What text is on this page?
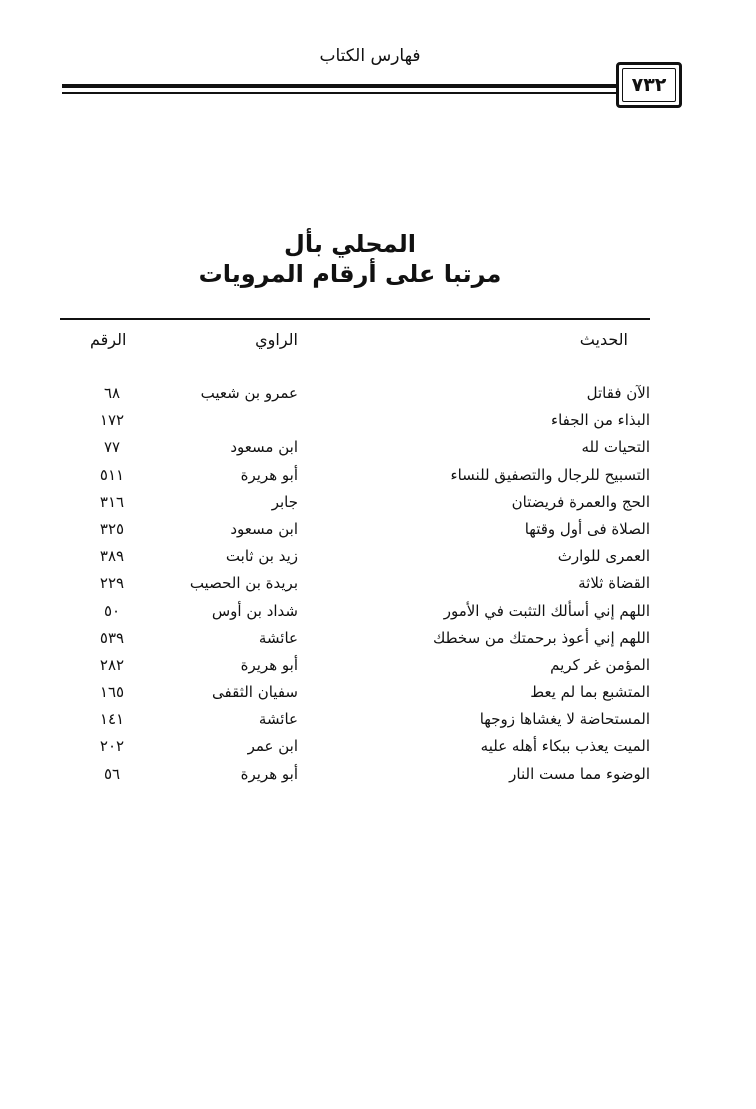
فهارس الكتاب
٧٣٢
المحلي بأل
مرتبا على أرقام المرويات
الحديث
الراوي
الرقم
الآن فقاتل
عمرو بن شعيب
٦٨
البذاء من الجفاء
١٧٢
التحيات لله
ابن مسعود
٧٧
التسبيح للرجال والتصفيق للنساء
أبو هريرة
٥١١
الحج والعمرة فريضتان
جابر
٣١٦
الصلاة فى أول وقتها
ابن مسعود
٣٢٥
العمرى للوارث
زيد بن ثابت
٣٨٩
القضاة ثلاثة
بريدة بن الحصيب
٢٢٩
اللهم إني أسألك التثبت في الأمور
شداد بن أوس
٥٠
اللهم إني أعوذ برحمتك من سخطك
عائشة
٥٣٩
المؤمن غر كريم
أبو هريرة
٢٨٢
المتشبع بما لم يعط
سفيان الثقفى
١٦٥
المستحاضة لا يغشاها زوجها
عائشة
١٤١
الميت يعذب ببكاء أهله عليه
ابن عمر
٢٠٢
الوضوء مما مست النار
أبو هريرة
٥٦
